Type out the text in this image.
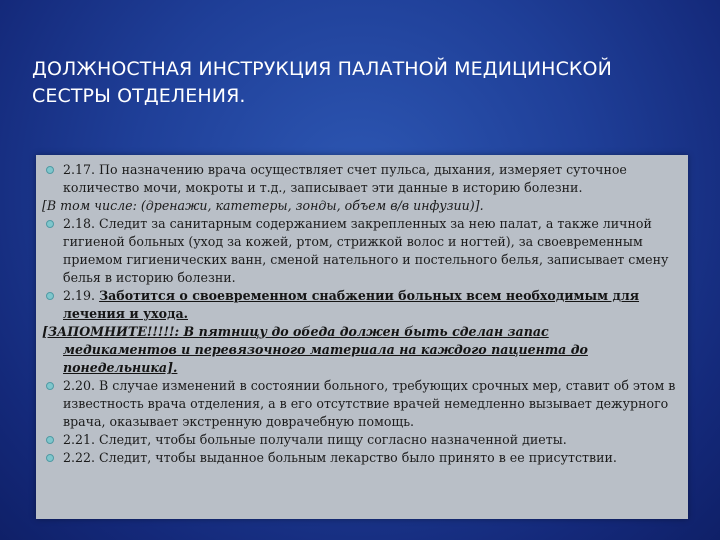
ДОЛЖНОСТНАЯ ИНСТРУКЦИЯ ПАЛАТНОЙ МЕДИЦИНСКОЙ СЕСТРЫ ОТДЕЛЕНИЯ.

2.17. По назначению врача осуществляет счет пульса, дыхания, измеряет суточное количество мочи, мокроты и т.д., записывает эти данные в историю болезни.

[В том числе: (дренажи, катетеры, зонды, объем в/в инфузии)].

2.18. Следит за санитарным содержанием закрепленных за нею палат, а также личной гигиеной больных (уход за кожей, ртом, стрижкой волос и ногтей), за своевременным приемом гигиенических ванн, сменой нательного и постельного белья, записывает смену белья в историю болезни.

2.19. Заботится о своевременном снабжении больных всем необходимым для лечения и ухода.

[ЗАПОМНИТЕ!!!!!: В пятницу до обеда должен быть сделан запас
медикаментов и перевязочного материала на каждого пациента до понедельника].

2.20. В случае изменений в состоянии больного, требующих срочных мер, ставит об этом в известность врача отделения, а в его отсутствие врачей немедленно вызывает дежурного врача, оказывает экстренную доврачебную помощь.

2.21. Следит, чтобы больные получали пищу согласно назначенной диеты.

2.22. Следит, чтобы выданное больным лекарство было принято в ее присутствии.
